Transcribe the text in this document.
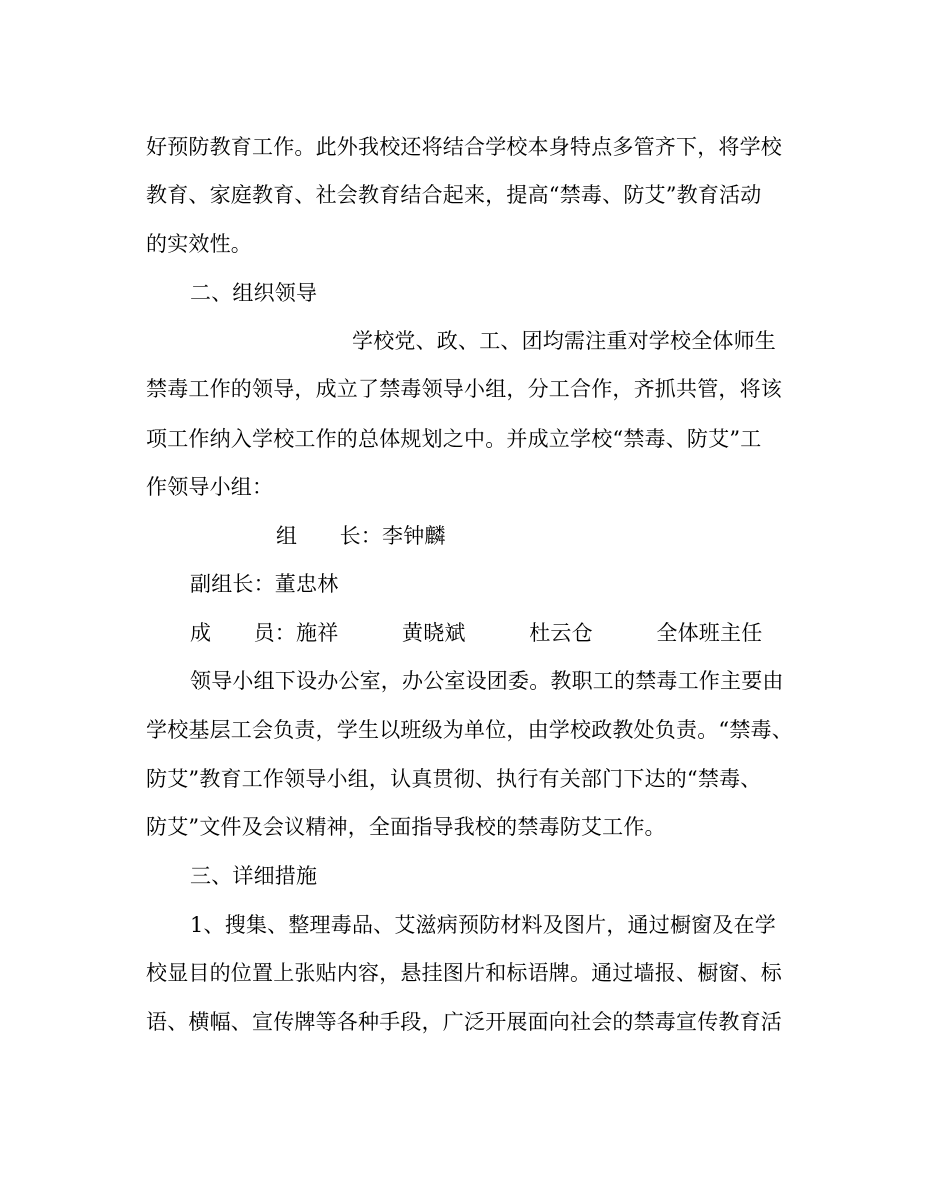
好预防教育工作。此外我校还将结合学校本身特点多管齐下，将学校
教育、家庭教育、社会教育结合起来，提高“禁毒、防艾”教育活动
的实效性。
二、组织领导
学校党、政、工、团均需注重对学校全体师生
禁毒工作的领导，成立了禁毒领导小组，分工合作，齐抓共管，将该
项工作纳入学校工作的总体规划之中。并成立学校“禁毒、防艾”工
作领导小组：
组　　长：李钟麟
副组长：董忠林
成　　员：施祥　　　黄晓斌　　　杜云仓　　　全体班主任
领导小组下设办公室，办公室设团委。教职工的禁毒工作主要由
学校基层工会负责，学生以班级为单位，由学校政教处负责。“禁毒、
防艾”教育工作领导小组，认真贯彻、执行有关部门下达的“禁毒、
防艾”文件及会议精神，全面指导我校的禁毒防艾工作。
三、详细措施
1、搜集、整理毒品、艾滋病预防材料及图片，通过橱窗及在学
校显目的位置上张贴内容，悬挂图片和标语牌。通过墙报、橱窗、标
语、横幅、宣传牌等各种手段，广泛开展面向社会的禁毒宣传教育活
